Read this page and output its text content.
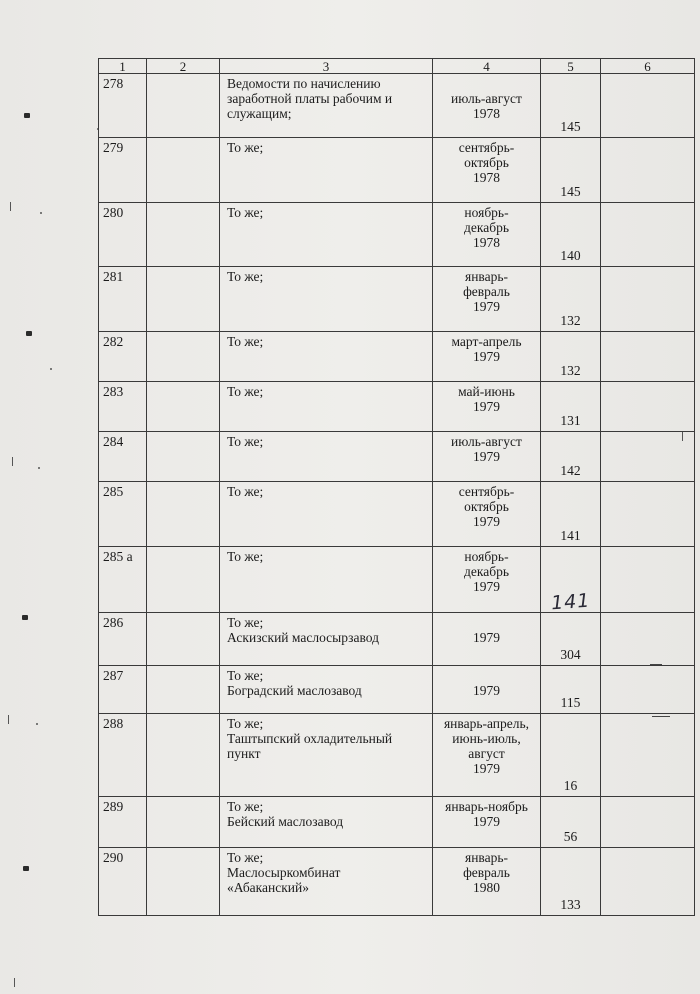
1	2	3	4	5	6
278		Ведомости по начислению
заработной платы рабочим и
служащим;	июль-август
1978	145	
279		То же;	сентябрь-
октябрь
1978	145	
280		То же;	ноябрь-
декабрь
1978	140	
281		То же;	январь-
февраль
1979	132	
282		То же;	март-апрель
1979	132	
283		То же;	май-июнь
1979	131	
284		То же;	июль-август
1979	142	
285		То же;	сентябрь-
октябрь
1979	141	
285 а		То же;	ноябрь-
декабрь
1979	141	
286		То же;
Аскизский маслосырзавод	1979	304	
287		То же;
Боградский маслозавод	1979	115	
288		То же;
Таштыпский охладительный
пункт	январь-апрель,
июнь-июль,
август
1979	16	
289		То же;
Бейский маслозавод	январь-ноябрь
1979	56	
290		То же;
Маслосыркомбинат
«Абаканский»	январь-
февраль
1980	133	
